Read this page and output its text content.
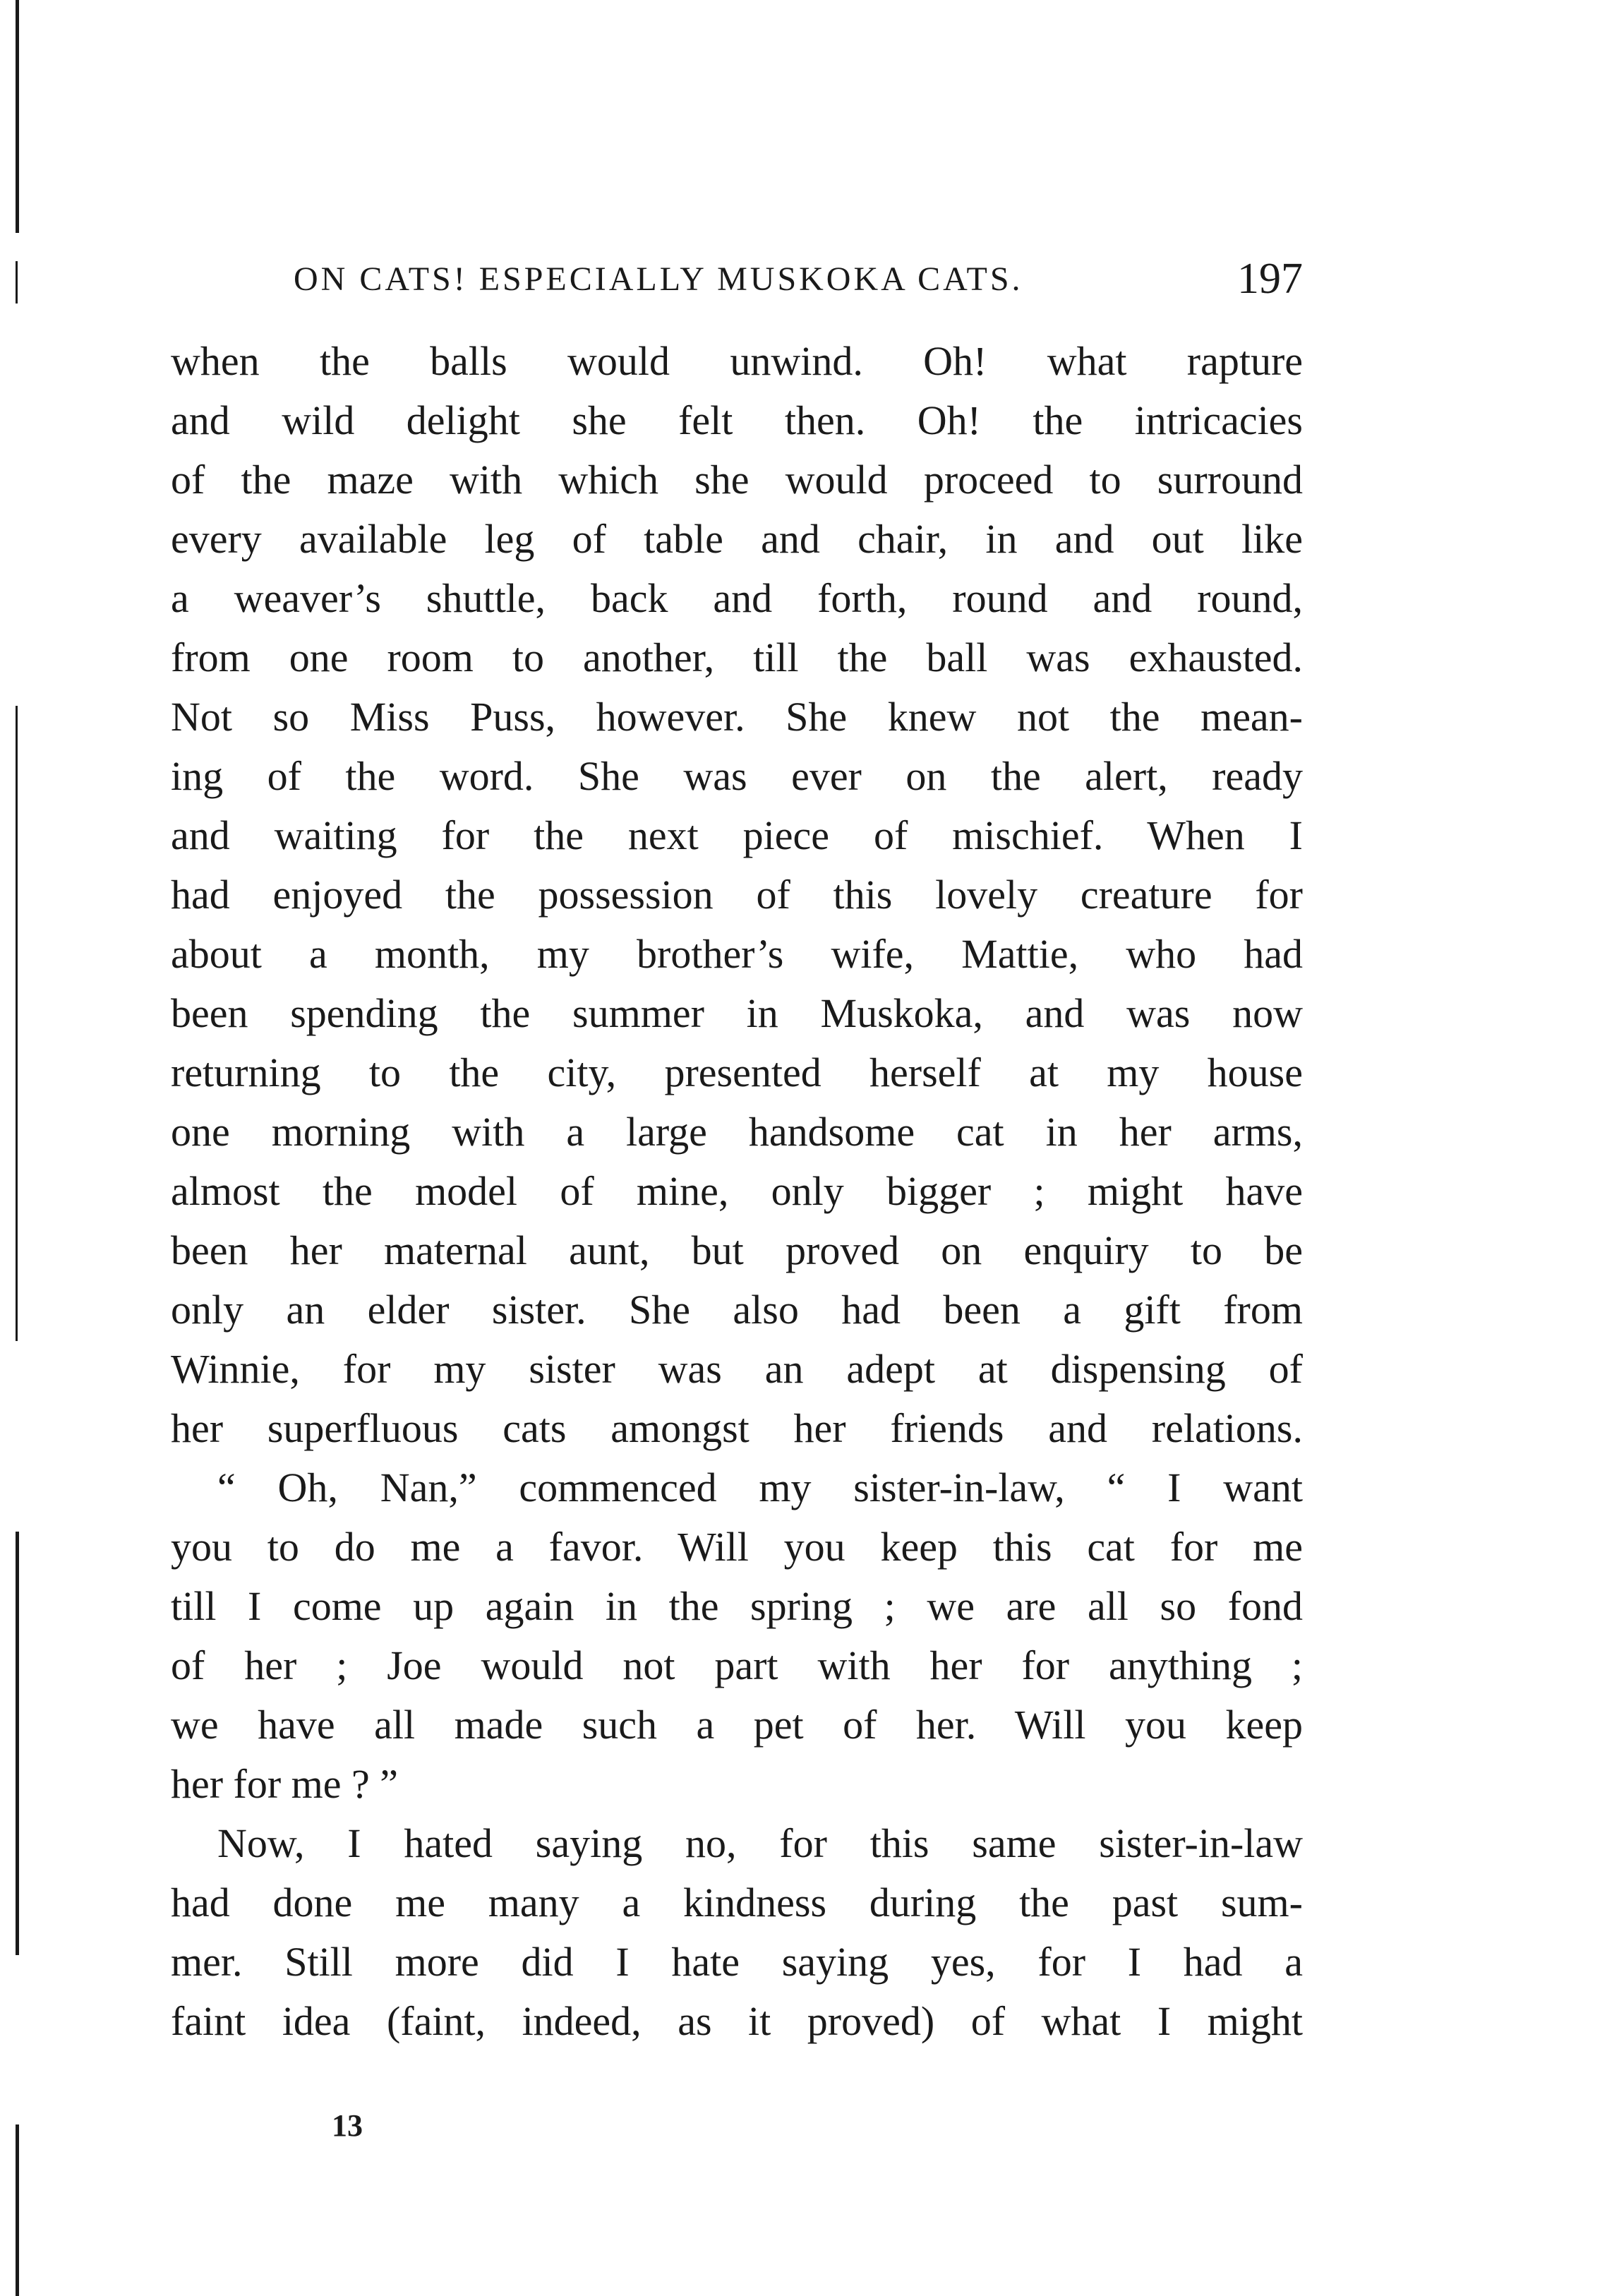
ON CATS! ESPECIALLY MUSKOKA CATS.	197
when the balls would unwind. Oh! what rapture
and wild delight she felt then. Oh! the intricacies
of the maze with which she would proceed to surround
every available leg of table and chair, in and out like
a weaver’s shuttle, back and forth, round and round,
from one room to another, till the ball was exhausted.
Not so Miss Puss, however. She knew not the mean-
ing of the word. She was ever on the alert, ready
and waiting for the next piece of mischief. When I
had enjoyed the possession of this lovely creature for
about a month, my brother’s wife, Mattie, who had
been spending the summer in Muskoka, and was now
returning to the city, presented herself at my house
one morning with a large handsome cat in her arms,
almost the model of mine, only bigger ; might have
been her maternal aunt, but proved on enquiry to be
only an elder sister. She also had been a gift from
Winnie, for my sister was an adept at dispensing of
her superfluous cats amongst her friends and relations.
“ Oh, Nan,” commenced my sister-in-law, “ I want
you to do me a favor. Will you keep this cat for me
till I come up again in the spring ; we are all so fond
of her ; Joe would not part with her for anything ;
we have all made such a pet of her. Will you keep
her for me ? ”
Now, I hated saying no, for this same sister-in-law
had done me many a kindness during the past sum-
mer. Still more did I hate saying yes, for I had a
faint idea (faint, indeed, as it proved) of what I might
13
